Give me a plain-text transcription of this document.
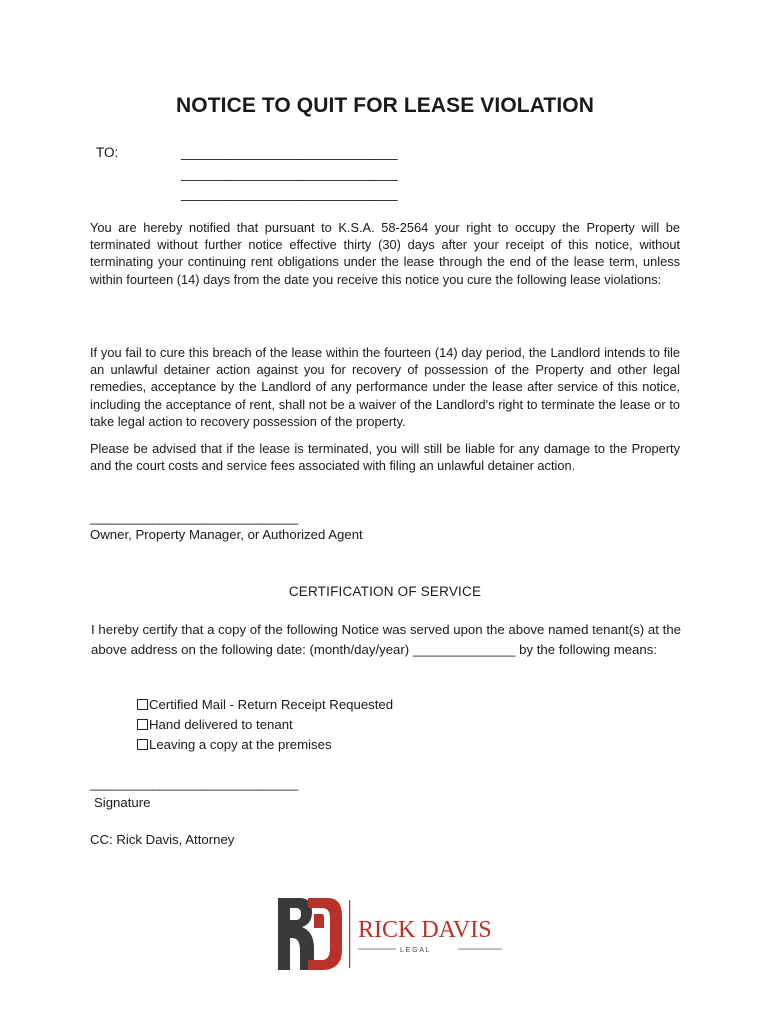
NOTICE TO QUIT FOR LEASE VIOLATION
TO:	______________________________
______________________________
______________________________

You are hereby notified that pursuant to K.S.A. 58-2564 your right to occupy the Property will be terminated without further notice effective thirty (30) days after your receipt of this notice, without terminating your continuing rent obligations under the lease through the end of the lease term, unless within fourteen (14) days from the date you receive this notice you cure the following lease violations:

If you fail to cure this breach of the lease within the fourteen (14) day period, the Landlord intends to file an unlawful detainer action against you for recovery of possession of the Property and other legal remedies, acceptance by the Landlord of any performance under the lease after service of this notice, including the acceptance of rent, shall not be a waiver of the Landlord's right to terminate the lease or to take legal action to recovery possession of the property.

Please be advised that if the lease is terminated, you will still be liable for any damage to the Property and the court costs and service fees associated with filing an unlawful detainer action.

______________________________
Owner, Property Manager, or Authorized Agent
CERTIFICATION OF SERVICE

I hereby certify that a copy of the following Notice was served upon the above named tenant(s) at the above address on the following date: (month/day/year) ______________ by the following means:

Certified Mail - Return Receipt Requested
Hand delivered to tenant
Leaving a copy at the premises
______________________________
Signature
CC: Rick Davis, Attorney
RICK DAVIS
L E G A L
